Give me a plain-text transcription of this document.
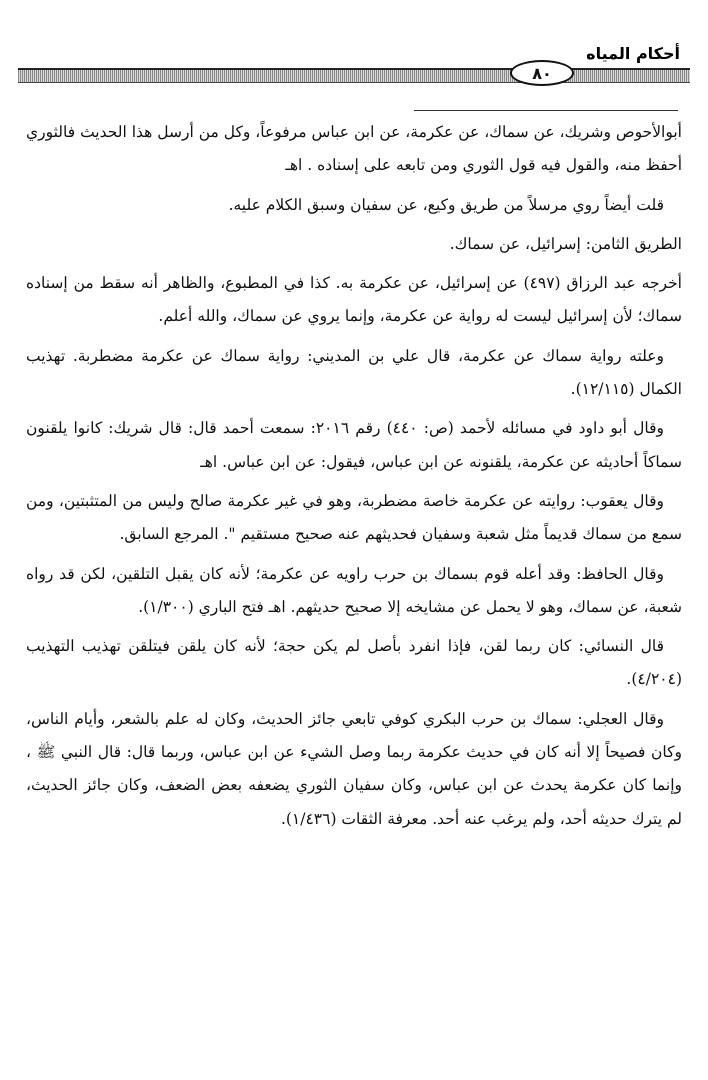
أحكام المياه
٨٠

أبوالأحوص وشريك، عن سماك، عن عكرمة، عن ابن عباس مرفوعاً، وكل من أرسل هذا الحديث فالثوري أحفظ منه، والقول فيه قول الثوري ومن تابعه على إسناده . اهـ

قلت أيضاً روي مرسلاً من طريق وكيع، عن سفيان وسبق الكلام عليه.

الطريق الثامن: إسرائيل، عن سماك.

أخرجه عبد الرزاق (٤٩٧) عن إسرائيل، عن عكرمة به. كذا في المطبوع، والظاهر أنه سقط من إسناده سماك؛ لأن إسرائيل ليست له رواية عن عكرمة، وإنما يروي عن سماك، والله أعلم.

وعلته رواية سماك عن عكرمة، قال علي بن المديني: رواية سماك عن عكرمة مضطربة. تهذيب الكمال (١٢/١١٥).

وقال أبو داود في مسائله لأحمد (ص: ٤٤٠) رقم ٢٠١٦: سمعت أحمد قال: قال شريك: كانوا يلقنون سماكاً أحاديثه عن عكرمة، يلقنونه عن ابن عباس، فيقول: عن ابن عباس. اهـ

وقال يعقوب: روايته عن عكرمة خاصة مضطربة، وهو في غير عكرمة صالح وليس من المتثبتين، ومن سمع من سماك قديماً مثل شعبة وسفيان فحديثهم عنه صحيح مستقيم ". المرجع السابق.

وقال الحافظ: وقد أعله قوم بسماك بن حرب راويه عن عكرمة؛ لأنه كان يقبل التلقين، لكن قد رواه شعبة، عن سماك، وهو لا يحمل عن مشايخه إلا صحيح حديثهم. اهـ فتح الباري (١/٣٠٠).

قال النسائي: كان ربما لقن، فإذا انفرد بأصل لم يكن حجة؛ لأنه كان يلقن فيتلقن تهذيب التهذيب (٤/٢٠٤).

وقال العجلي: سماك بن حرب البكري كوفي تابعي جائز الحديث، وكان له علم بالشعر، وأيام الناس، وكان فصيحاً إلا أنه كان في حديث عكرمة ربما وصل الشيء عن ابن عباس، وربما قال: قال النبي ﷺ ، وإنما كان عكرمة يحدث عن ابن عباس، وكان سفيان الثوري يضعفه بعض الضعف، وكان جائز الحديث، لم يترك حديثه أحد، ولم يرغب عنه أحد. معرفة الثقات (١/٤٣٦).
